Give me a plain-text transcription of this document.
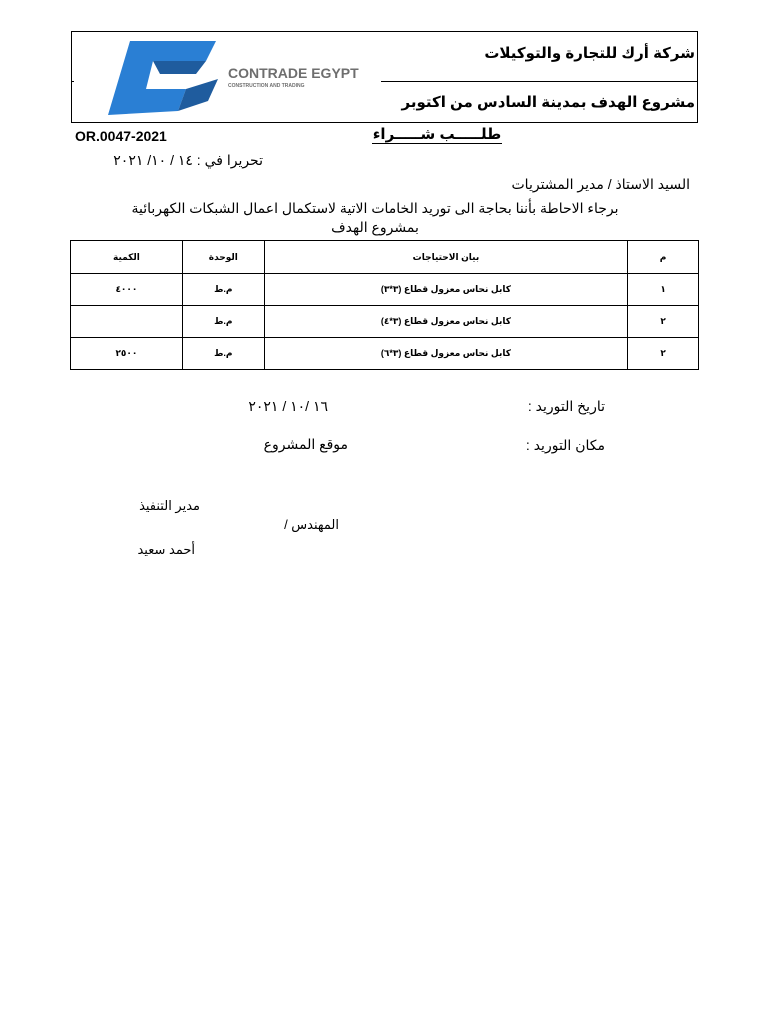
CONTRADE EGYPT
CONSTRUCTION AND TRADING
شركة أرك للتجارة والتوكيلات
مشروع الهدف بمدينة السادس من اكتوبر
OR.0047-2021	طلـــــب شـــــراء
تحريرا في : ١٤ / ١٠/ ٢٠٢١
السيد الاستاذ / مدير المشتريات
برجاء الاحاطة بأننا بحاجة الى توريد الخامات الاتية لاستكمال اعمال الشبكات الكهربائية
بمشروع الهدف
م	بيان الاحتياجات	الوحدة	الكمية
١	كابل نحاس معزول قطاع (٣*٣)	م.ط	٤٠٠٠
٢	كابل نحاس معزول قطاع (٣*٤)	م.ط	
٢	كابل نحاس معزول قطاع (٣*٦)	م.ط	٢٥٠٠
تاريخ التوريد :
١٦ /١٠ / ٢٠٢١
مكان التوريد :
موقع المشروع
مدير التنفيذ
المهندس /
أحمد سعيد
